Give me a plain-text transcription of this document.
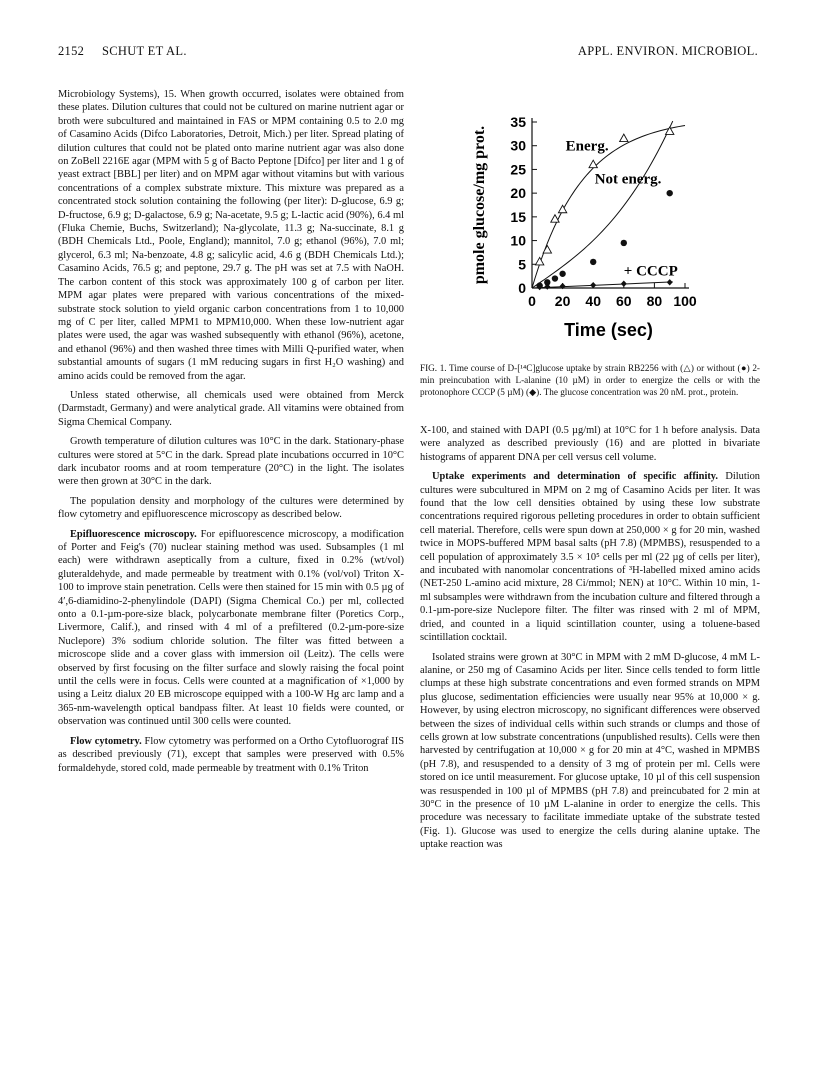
2152 SCHUT ET AL.	APPL. ENVIRON. MICROBIOL.

Microbiology Systems), 15. When growth occurred, isolates were obtained from these plates. Dilution cultures that could not be cultured on marine nutrient agar or broth were subcultured and maintained in FAS or MPM containing 0.5 to 2.0 mg of Casamino Acids (Difco Laboratories, Detroit, Mich.) per liter. Spread plating of dilution cultures that could not be plated onto marine nutrient agar was also done on ZoBell 2216E agar (MPM with 5 g of Bacto Peptone [Difco] per liter and 1 g of yeast extract [BBL] per liter) and on MPM agar without vitamins but with various concentrations of a complex substrate mixture. This mixture was prepared as a concentrated stock solution containing the following (per liter): D-glucose, 6.9 g; D-fructose, 6.9 g; D-galactose, 6.9 g; Na-acetate, 9.5 g; L-lactic acid (90%), 6.4 ml (Fluka Chemie, Buchs, Switzerland); Na-glycolate, 11.3 g; Na-succinate, 8.1 g (BDH Chemicals Ltd., Poole, England); mannitol, 7.0 g; ethanol (96%), 7.0 ml; glycerol, 6.3 ml; Na-benzoate, 4.8 g; salicylic acid, 4.6 g (BDH Chemicals Ltd.); Casamino Acids, 76.5 g; and peptone, 29.7 g. The pH was set at 7.5 with NaOH. The carbon content of this stock was approximately 100 g of carbon per liter. MPM agar plates were prepared with various concentrations of the mixed-substrate stock solution to yield organic carbon concentrations from 1 to 10,000 mg of C per liter, called MPM1 to MPM10,000. When these low-nutrient agar plates were used, the agar was washed subsequently with ethanol (96%), acetone, and ethanol (96%) and then washed three times with Milli Q-purified water, when substantial amounts of sugars (1 mM reducing sugars in first H₂O washing) and amino acids could be removed from the agar.

Unless stated otherwise, all chemicals used were obtained from Merck (Darmstadt, Germany) and were analytical grade. All vitamins were obtained from Sigma Chemical Company.

Growth temperature of dilution cultures was 10°C in the dark. Stationary-phase cultures were stored at 5°C in the dark. Spread plate incubations occurred in 10°C dark incubator rooms and at room temperature (20°C) in the light. The isolates were then grown at 30°C in the dark.

The population density and morphology of the cultures were determined by flow cytometry and epifluorescence microscopy as described below.

Epifluorescence microscopy. For epifluorescence microscopy, a modification of Porter and Feig's (70) nuclear staining method was used. Subsamples (1 ml each) were withdrawn aseptically from a culture, fixed in 0.2% (wt/vol) gluteraldehyde, and made permeable by treatment with 0.1% (vol/vol) Triton X-100 to improve stain penetration. Cells were then stained for 15 min with 0.5 µg of 4′,6-diamidino-2-phenylindole (DAPI) (Sigma Chemical Co.) per ml, collected onto a 0.1-µm-pore-size black, polycarbonate membrane filter (Poretics Corp., Livermore, Calif.), and rinsed with 4 ml of a prefiltered (0.2-µm-pore-size Nuclepore) 3% sodium chloride solution. The filter was fitted between a microscope slide and a cover glass with immersion oil (Leitz). The cells were observed by first focusing on the filter surface and slowly raising the focal point until the cells were in focus. Cells were counted at a magnification of ×1,000 by using a Leitz dialux 20 EB microscope equipped with a 100-W Hg arc lamp and a 365-nm-wavelength optical bandpass filter. At least 10 fields were counted, or observation was continued until 300 cells were counted.

Flow cytometry. Flow cytometry was performed on a Ortho Cytofluorograf IIS as described previously (71), except that samples were preserved with 0.5% formaldehyde, stored cold, made permeable by treatment with 0.1% Triton

0
5
10
15
20
25
30
35
0 20 40 60 80 100
Time (sec)
pmole glucose/mg prot.	Energ.
Not energ.
+ CCCP
FIG. 1. Time course of D-[¹⁴C]glucose uptake by strain RB2256 with (△) or without (●) 2-min preincubation with L-alanine (10 µM) in order to energize the cells or with the protonophore CCCP (5 µM) (◆). The glucose concentration was 20 nM. prot., protein.

X-100, and stained with DAPI (0.5 µg/ml) at 10°C for 1 h before analysis. Data were analyzed as described previously (16) and are plotted in bivariate histograms of apparent DNA per cell versus cell volume.

Uptake experiments and determination of specific affinity. Dilution cultures were subcultured in MPM on 2 mg of Casamino Acids per liter. It was found that the low cell densities obtained by using these low substrate concentrations required rigorous pelleting procedures in order to obtain sufficient cell material. Therefore, cells were spun down at 250,000 × g for 20 min, washed twice in MOPS-buffered MPM basal salts (pH 7.8) (MPMBS), resuspended to a cell population of approximately 3.5 × 10⁵ cells per ml (22 µg of cells per liter), and incubated with nanomolar concentrations of ³H-labelled mixed amino acids (NET-250 L-amino acid mixture, 28 Ci/mmol; NEN) at 10°C. Within 10 min, 1-ml subsamples were withdrawn from the incubation culture and filtered through a 0.1-µm-pore-size Nuclepore filter. The filter was rinsed with 2 ml of MPM, dried, and counted in a liquid scintillation counter, using a toluene-based scintillation cocktail.

Isolated strains were grown at 30°C in MPM with 2 mM D-glucose, 4 mM L-alanine, or 250 mg of Casamino Acids per liter. Since cells tended to form little clumps at these high substrate concentrations and even formed strands on MPM plus glucose, sedimentation efficiencies were usually near 95% at 10,000 × g. However, by using electron microscopy, no significant differences were observed between the sizes of individual cells within such strands or clumps and those of cells grown at low substrate concentrations (unpublished results). Cells were then harvested by centrifugation at 10,000 × g for 20 min at 4°C, washed in MPMBS (pH 7.8), and resuspended to a density of 3 mg of protein per ml. Cells were stored on ice until measurement. For glucose uptake, 10 µl of this cell suspension was resuspended in 100 µl of MPMBS (pH 7.8) and preincubated for 2 min at 30°C in the presence of 10 µM L-alanine in order to energize the cells. This procedure was necessary to facilitate immediate uptake of the substrate tested (Fig. 1). Glucose was used to energize the cells during alanine uptake. The uptake reaction was
